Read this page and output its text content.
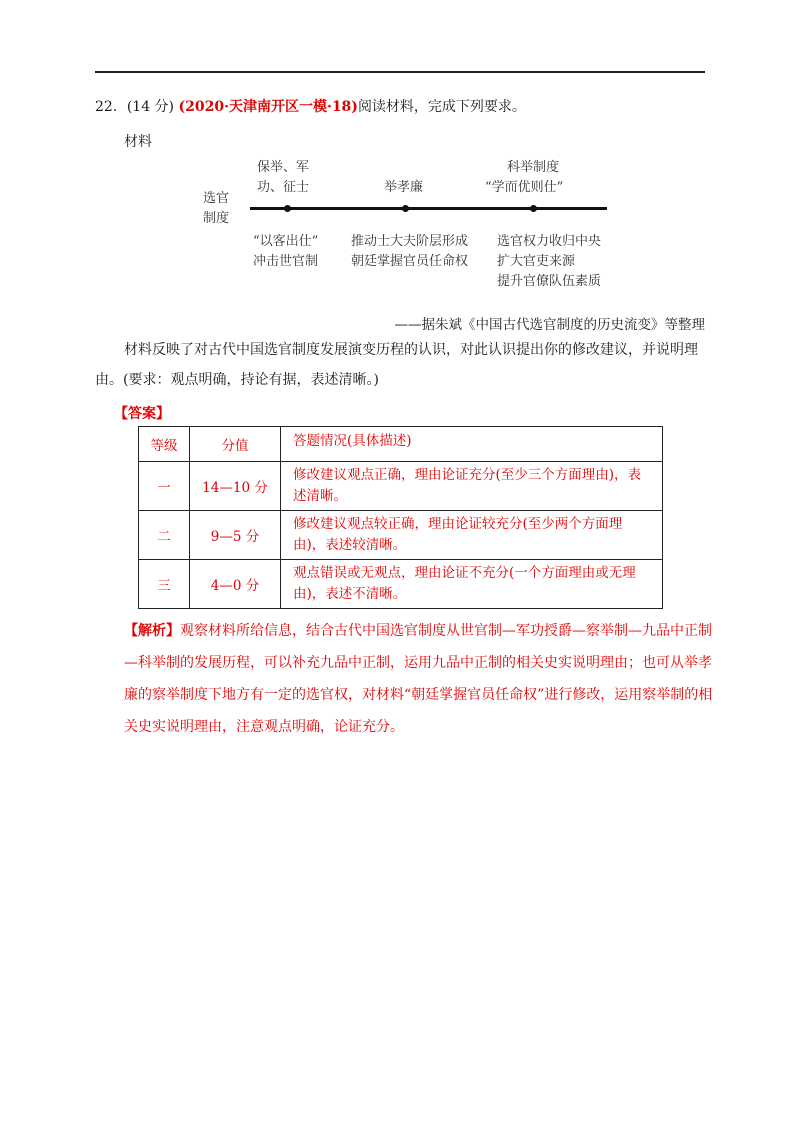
22．(14 分) (2020·天津南开区一模·18)阅读材料，完成下列要求。
材料
保举、军
功、征士	举孝廉
科举制度
“学而优则仕”
选官
制度
“以客出仕”
冲击世官制
推动士大夫阶层形成
朝廷掌握官员任命权
选官权力收归中央
扩大官吏来源
提升官僚队伍素质
——据朱斌《中国古代选官制度的历史流变》等整理
材料反映了对古代中国选官制度发展演变历程的认识，对此认识提出你的修改建议，并说明理
由。(要求：观点明确，持论有据，表述清晰。)
【答案】
等级	分值	答题情况(具体描述)
一	14—10 分	修改建议观点正确，理由论证充分(至少三个方面理由)，表述清晰。
二	9—5 分	修改建议观点较正确，理由论证较充分(至少两个方面理由)，表述较清晰。
三	4—0 分	观点错误或无观点，理由论证不充分(一个方面理由或无理由)，表述不清晰。
【解析】观察材料所给信息，结合古代中国选官制度从世官制—军功授爵—察举制—九品中正制—科举制的发展历程，可以补充九品中正制，运用九品中正制的相关史实说明理由；也可从举孝廉的察举制度下地方有一定的选官权，对材料“朝廷掌握官员任命权”进行修改，运用察举制的相关史实说明理由，注意观点明确，论证充分。
